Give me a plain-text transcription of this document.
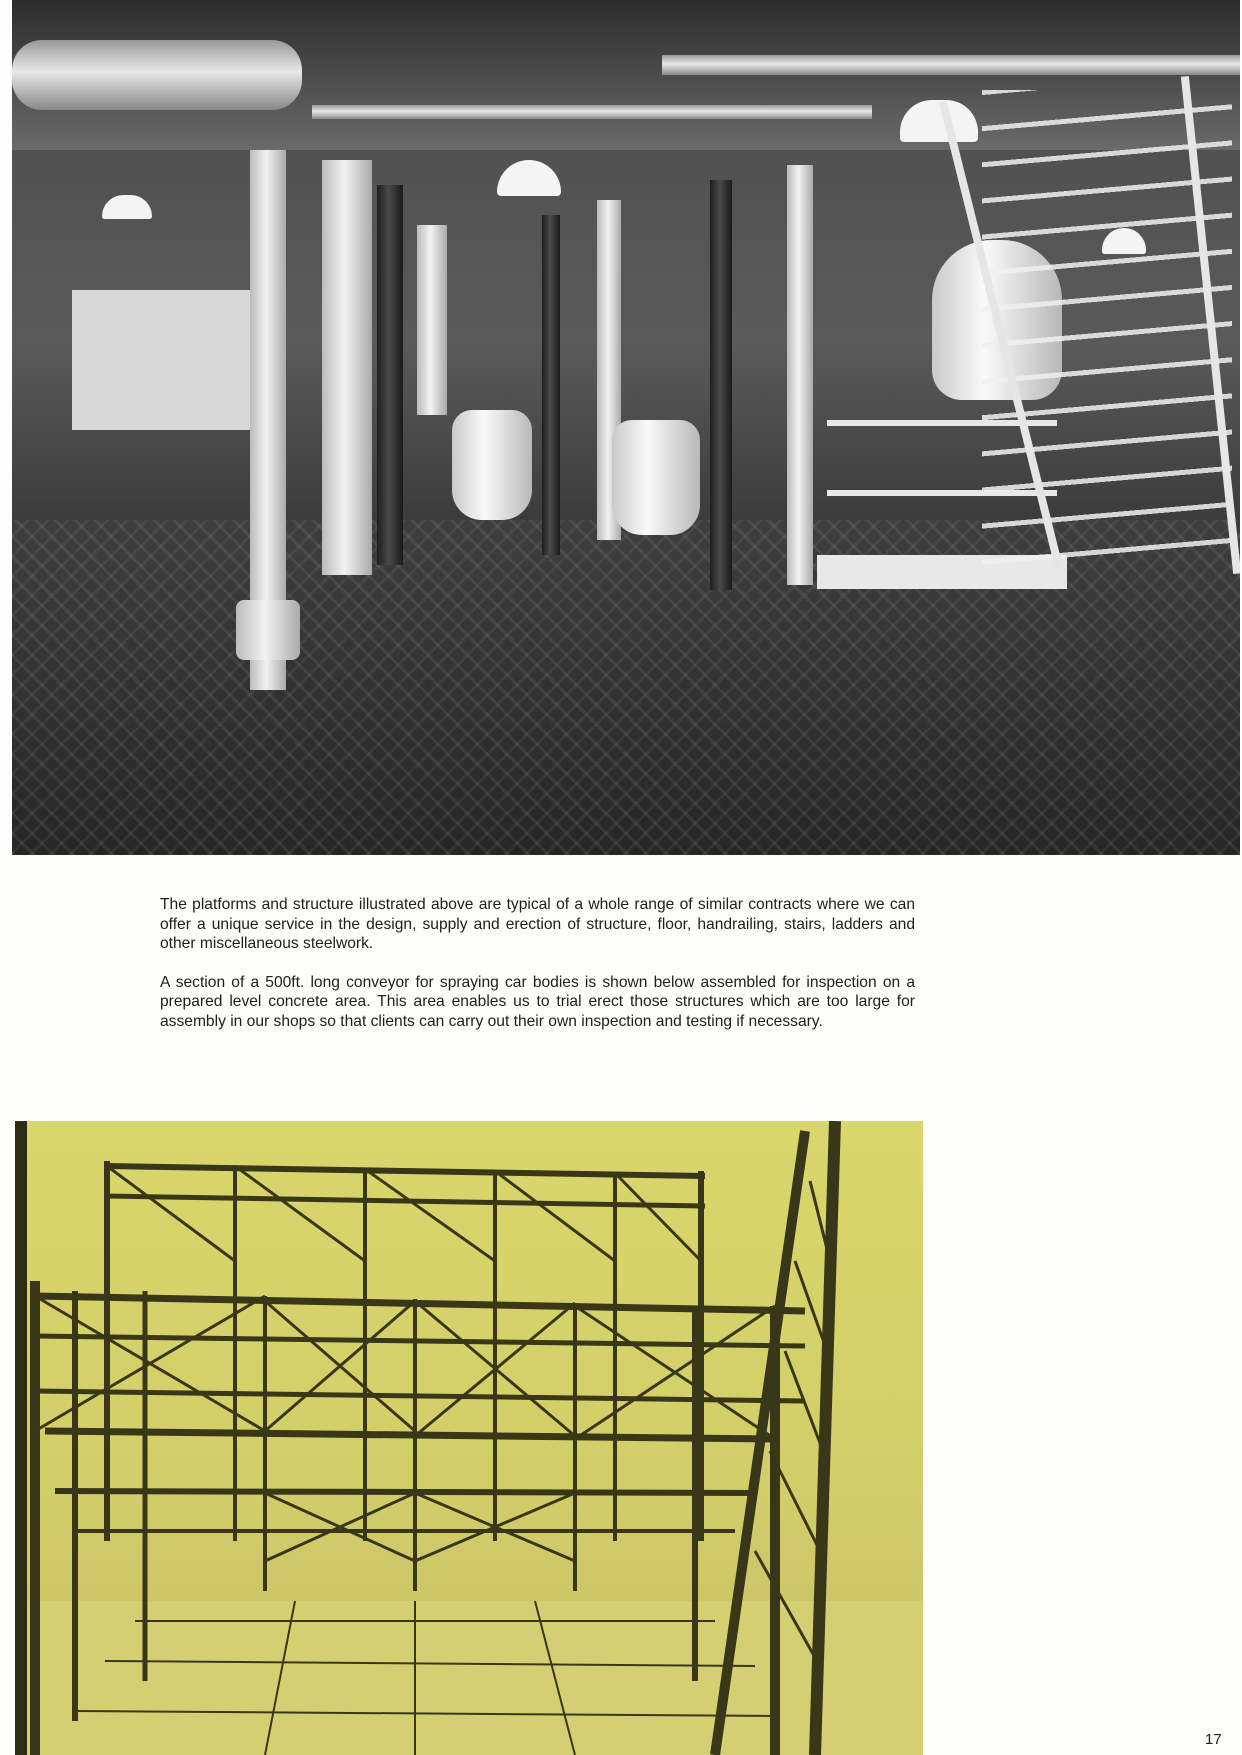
The platforms and structure illustrated above are typical of a whole range of similar contracts where we can offer a unique service in the design, supply and erection of structure, floor, handrailing, stairs, ladders and other miscellaneous steelwork.

A section of a 500ft. long conveyor for spraying car bodies is shown below assembled for inspection on a prepared level concrete area. This area enables us to trial erect those structures which are too large for assembly in our shops so that clients can carry out their own inspection and testing if necessary.

17
